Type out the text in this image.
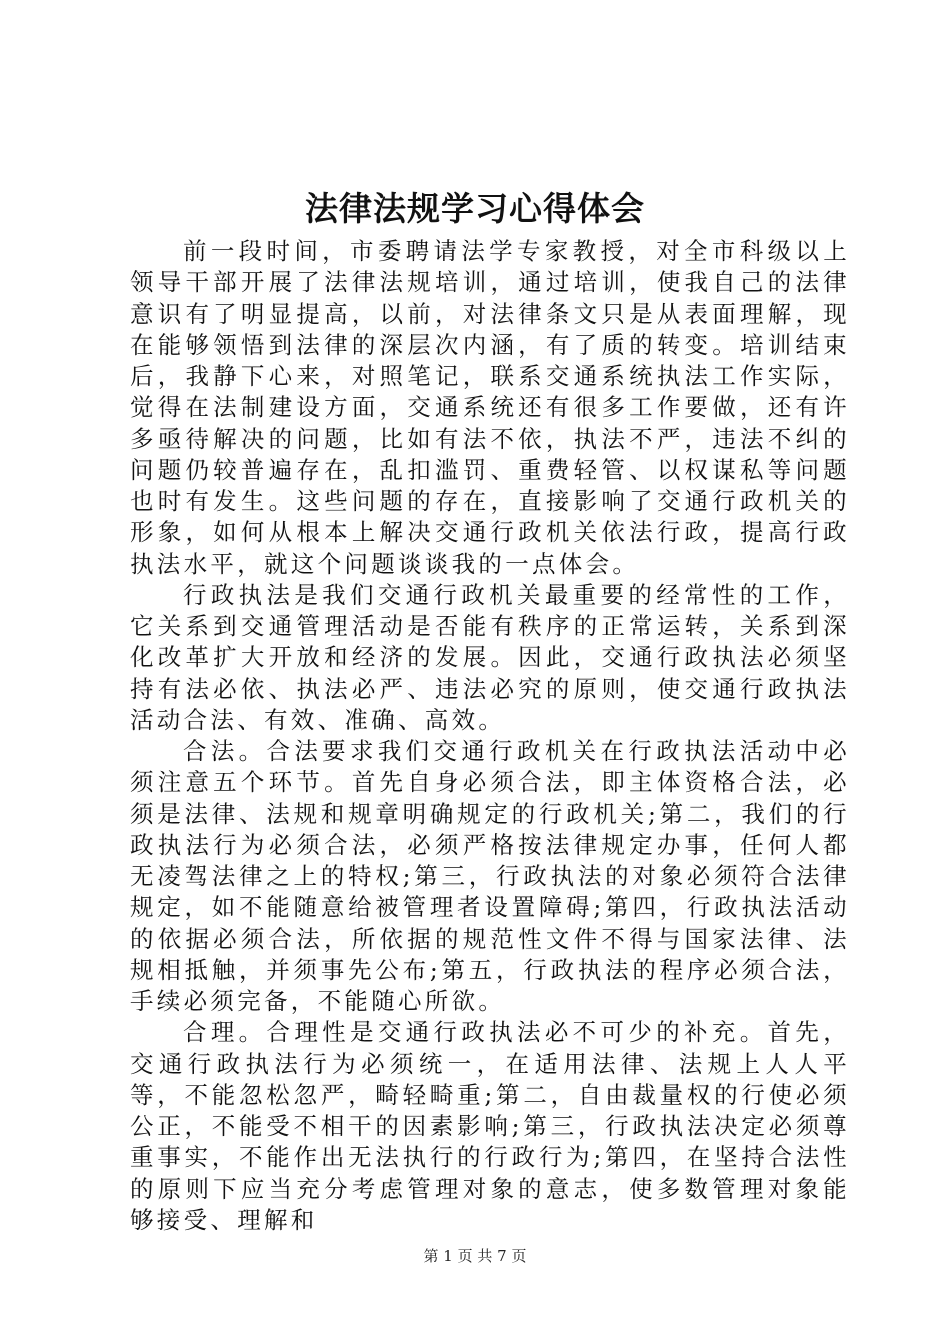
法律法规学习心得体会

前一段时间，市委聘请法学专家教授，对全市科级以上领导干部开展了法律法规培训，通过培训，使我自己的法律意识有了明显提高，以前，对法律条文只是从表面理解，现在能够领悟到法律的深层次内涵，有了质的转变。培训结束后，我静下心来，对照笔记，联系交通系统执法工作实际，觉得在法制建设方面，交通系统还有很多工作要做，还有许多亟待解决的问题，比如有法不依，执法不严，违法不纠的问题仍较普遍存在，乱扣滥罚、重费轻管、以权谋私等问题也时有发生。这些问题的存在，直接影响了交通行政机关的形象，如何从根本上解决交通行政机关依法行政，提高行政执法水平，就这个问题谈谈我的一点体会。

行政执法是我们交通行政机关最重要的经常性的工作，它关系到交通管理活动是否能有秩序的正常运转，关系到深化改革扩大开放和经济的发展。因此，交通行政执法必须坚持有法必依、执法必严、违法必究的原则，使交通行政执法活动合法、有效、准确、高效。

合法。合法要求我们交通行政机关在行政执法活动中必须注意五个环节。首先自身必须合法，即主体资格合法，必须是法律、法规和规章明确规定的行政机关;第二，我们的行政执法行为必须合法，必须严格按法律规定办事，任何人都无凌驾法律之上的特权;第三，行政执法的对象必须符合法律规定，如不能随意给被管理者设置障碍;第四，行政执法活动的依据必须合法，所依据的规范性文件不得与国家法律、法规相抵触，并须事先公布;第五，行政执法的程序必须合法，手续必须完备，不能随心所欲。

合理。合理性是交通行政执法必不可少的补充。首先，交通行政执法行为必须统一，在适用法律、法规上人人平等，不能忽松忽严，畸轻畸重;第二，自由裁量权的行使必须公正，不能受不相干的因素影响;第三，行政执法决定必须尊重事实，不能作出无法执行的行政行为;第四，在坚持合法性的原则下应当充分考虑管理对象的意志，使多数管理对象能够接受、理解和

第 1 页 共 7 页
